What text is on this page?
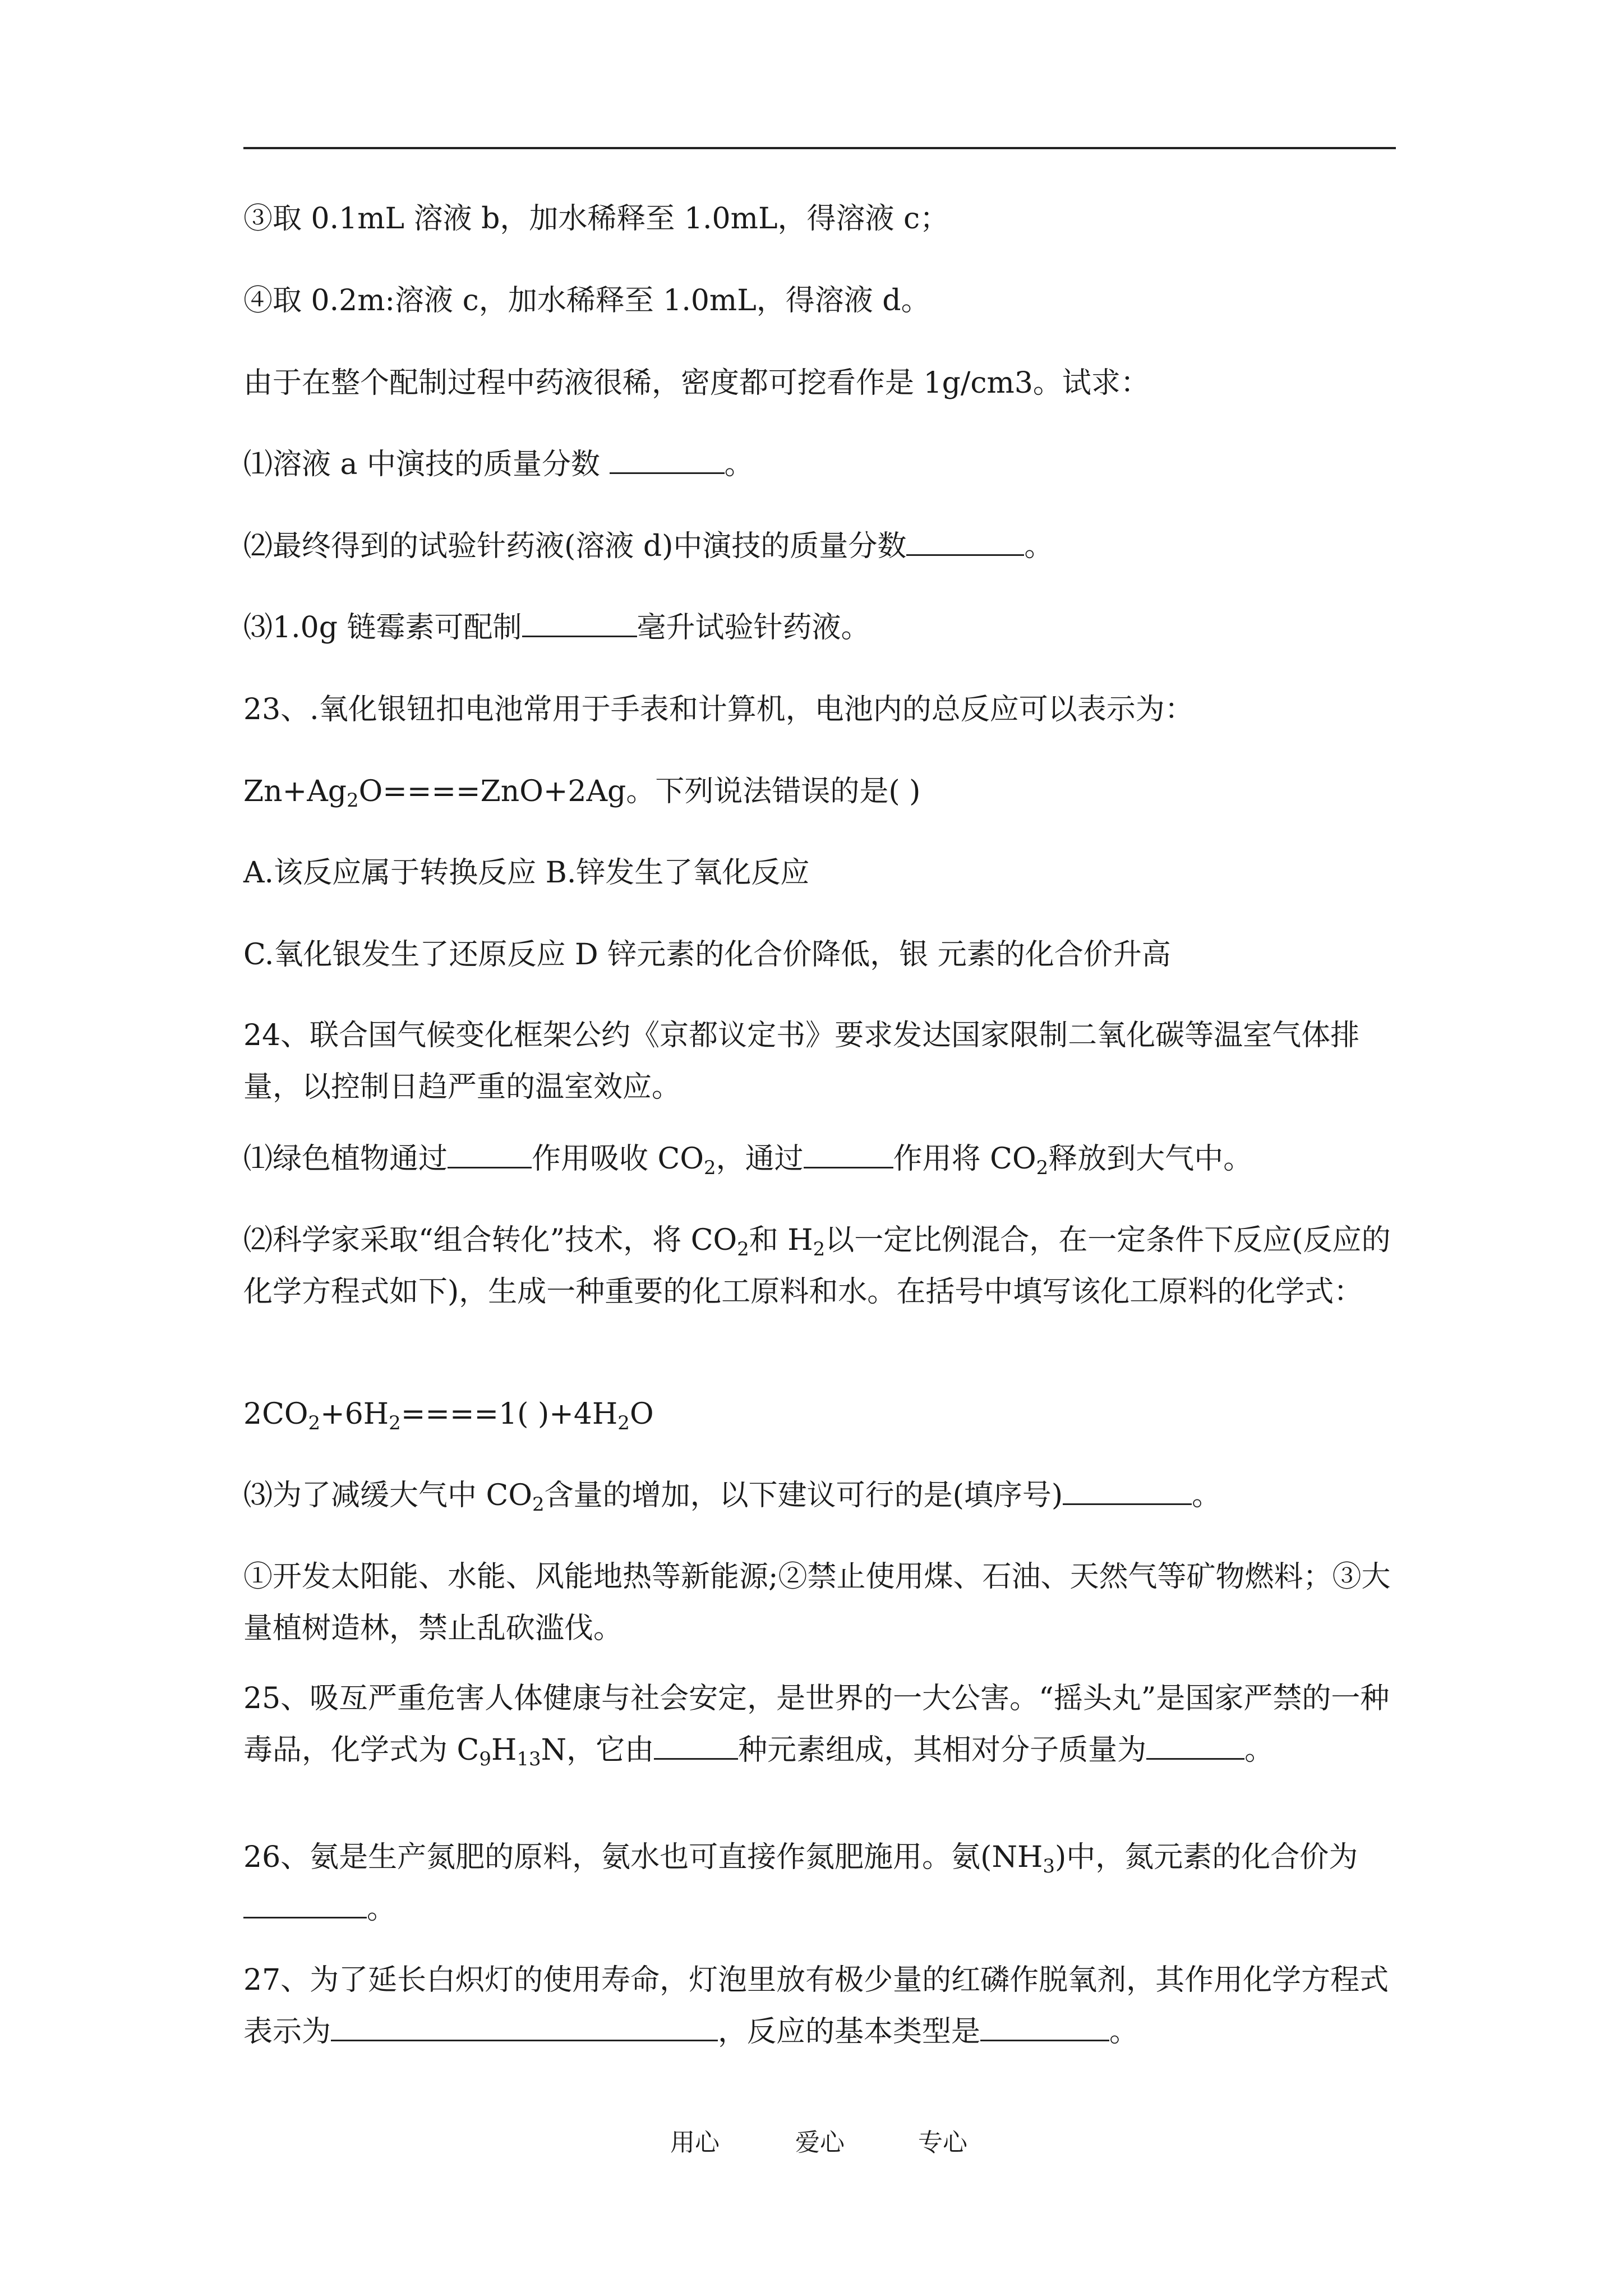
③取 0.1mL 溶液 b，加水稀释至 1.0mL，得溶液 c；
④取 0.2m:溶液 c，加水稀释至 1.0mL，得溶液 d。
由于在整个配制过程中药液很稀，密度都可挖看作是 1g/cm3。试求：
⑴溶液 a 中演技的质量分数	。
⑵最终得到的试验针药液(溶液 d)中演技的质量分数	。
⑶1.0g 链霉素可配制	毫升试验针药液。
23、.氧化银钮扣电池常用于手表和计算机，电池内的总反应可以表示为：
$Zn+Ag_2O====ZnO+2Ag$。下列说法错误的是( )
A.该反应属于转换反应 B.锌发生了氧化反应
C.氧化银发生了还原反应 D 锌元素的化合价降低，银 元素的化合价升高
24、联合国气候变化框架公约《京都议定书》要求发达国家限制二氧化碳等温室气体排量，以控制日趋严重的温室效应。
⑴绿色植物通过	作用吸收 $CO_2$，通过	作用将 $CO_2$释放到大气中。
⑵科学家采取“组合转化”技术，将 $CO_2$和 $H_2$以一定比例混合，在一定条件下反应(反应的化学方程式如下)，生成一种重要的化工原料和水。在括号中填写该化工原料的化学式：
$2CO_2+6H_2====1$( )$+4H_2O$
⑶为了减缓大气中 $CO_2$含量的增加，以下建议可行的是(填序号)	。
①开发太阳能、水能、风能地热等新能源;②禁止使用煤、石油、天然气等矿物燃料；③大量植树造林，禁止乱砍滥伐。
25、吸亙严重危害人体健康与社会安定，是世界的一大公害。“摇头丸”是国家严禁的一种毒品，化学式为 $C_9H_{13}N$，它由	种元素组成，其相对分子质量为	。
26、氨是生产氮肥的原料，氨水也可直接作氮肥施用。氨$(NH_3)$中，氮元素的化合价为。
27、为了延长白炽灯的使用寿命，灯泡里放有极少量的红磷作脱氧剂，其作用化学方程式表示为	，反应的基本类型是	。
用心	爱心	专心
